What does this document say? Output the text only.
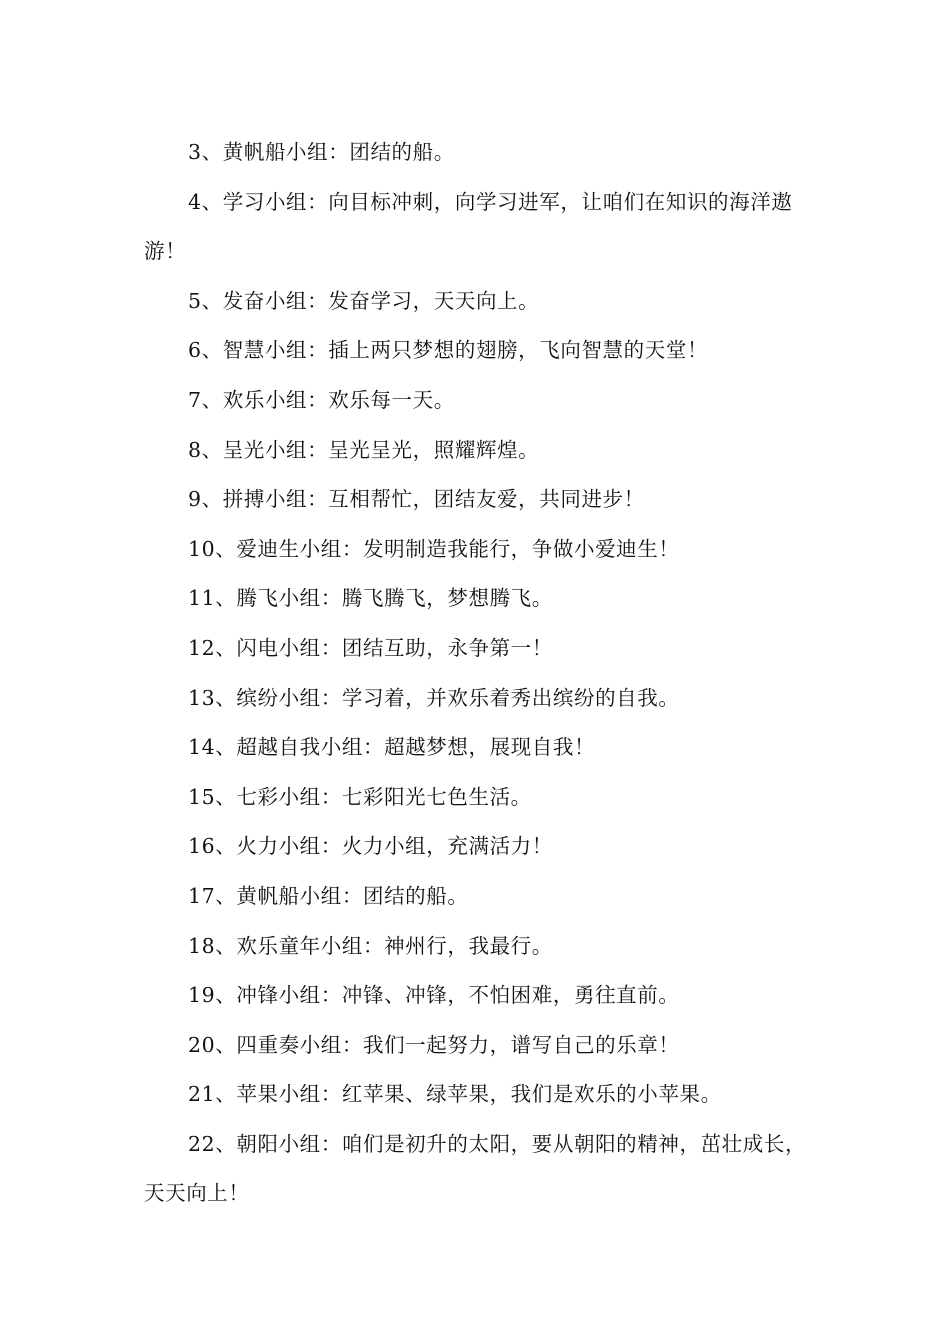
3、黄帆船小组：团结的船。

4、学习小组：向目标冲刺，向学习进军，让咱们在知识的海洋遨游！

5、发奋小组：发奋学习，天天向上。

6、智慧小组：插上两只梦想的翅膀，飞向智慧的天堂！

7、欢乐小组：欢乐每一天。

8、呈光小组：呈光呈光，照耀辉煌。

9、拼搏小组：互相帮忙，团结友爱，共同进步！

10、爱迪生小组：发明制造我能行，争做小爱迪生！

11、腾飞小组：腾飞腾飞，梦想腾飞。

12、闪电小组：团结互助，永争第一！

13、缤纷小组：学习着，并欢乐着秀出缤纷的自我。

14、超越自我小组：超越梦想，展现自我！

15、七彩小组：七彩阳光七色生活。

16、火力小组：火力小组，充满活力！

17、黄帆船小组：团结的船。

18、欢乐童年小组：神州行，我最行。

19、冲锋小组：冲锋、冲锋，不怕困难，勇往直前。

20、四重奏小组：我们一起努力，谱写自己的乐章！

21、苹果小组：红苹果、绿苹果，我们是欢乐的小苹果。

22、朝阳小组：咱们是初升的太阳，要从朝阳的精神，茁壮成长，天天向上！
